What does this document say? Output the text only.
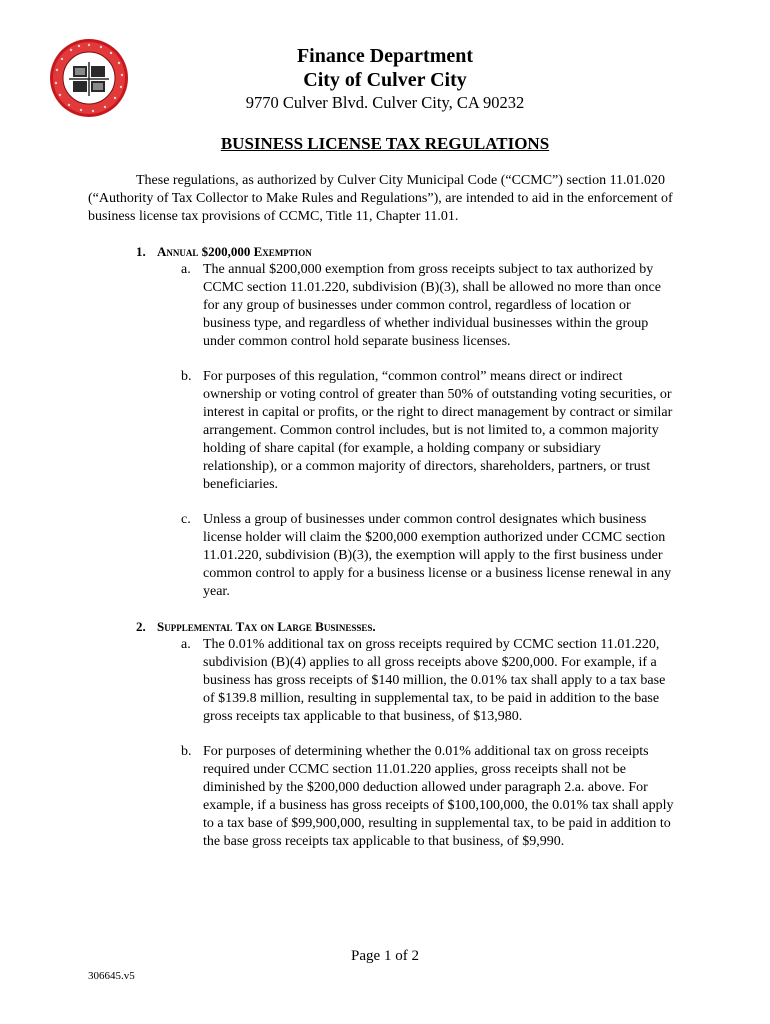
Finance Department
City of Culver City
9770 Culver Blvd. Culver City, CA 90232
BUSINESS LICENSE TAX REGULATIONS
These regulations, as authorized by Culver City Municipal Code (“CCMC”) section 11.01.020 (“Authority of Tax Collector to Make Rules and Regulations”), are intended to aid in the enforcement of business license tax provisions of CCMC, Title 11, Chapter 11.01.
1. Annual $200,000 Exemption
a. The annual $200,000 exemption from gross receipts subject to tax authorized by CCMC section 11.01.220, subdivision (B)(3), shall be allowed no more than once for any group of businesses under common control, regardless of location or business type, and regardless of whether individual businesses within the group under common control hold separate business licenses.
b. For purposes of this regulation, “common control” means direct or indirect ownership or voting control of greater than 50% of outstanding voting securities, or interest in capital or profits, or the right to direct management by contract or similar arrangement. Common control includes, but is not limited to, a common majority holding of share capital (for example, a holding company or subsidiary relationship), or a common majority of directors, shareholders, partners, or trust beneficiaries.
c. Unless a group of businesses under common control designates which business license holder will claim the $200,000 exemption authorized under CCMC section 11.01.220, subdivision (B)(3), the exemption will apply to the first business under common control to apply for a business license or a business license renewal in any year.
2. Supplemental Tax on Large Businesses.
a. The 0.01% additional tax on gross receipts required by CCMC section 11.01.220, subdivision (B)(4) applies to all gross receipts above $200,000. For example, if a business has gross receipts of $140 million, the 0.01% tax shall apply to a tax base of $139.8 million, resulting in supplemental tax, to be paid in addition to the base gross receipts tax applicable to that business, of $13,980.
b. For purposes of determining whether the 0.01% additional tax on gross receipts required under CCMC section 11.01.220 applies, gross receipts shall not be diminished by the $200,000 deduction allowed under paragraph 2.a. above. For example, if a business has gross receipts of $100,100,000, the 0.01% tax shall apply to a tax base of $99,900,000, resulting in supplemental tax, to be paid in addition to the base gross receipts tax applicable to that business, of $9,990.
Page 1 of 2
306645.v5
